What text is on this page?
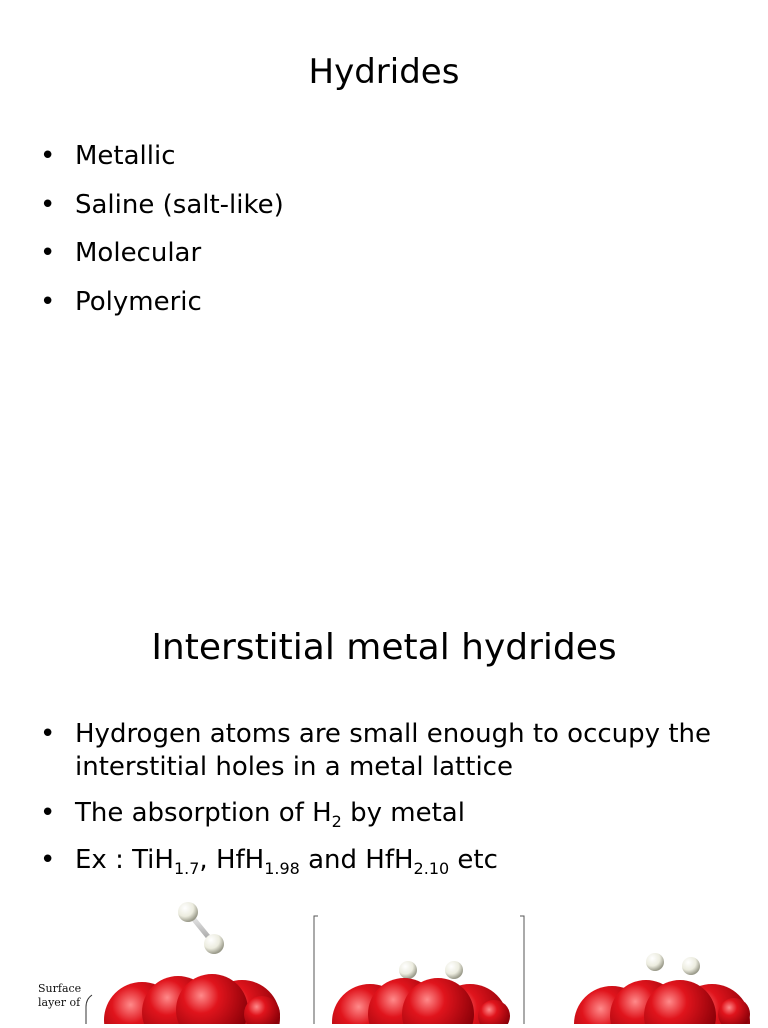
Hydrides
• Metallic
• Saline (salt-like)
• Molecular
• Polymeric
Interstitial metal hydrides
• Hydrogen atoms are small enough to occupy the interstitial holes in a metal lattice
• The absorption of $H_2$ by metal
• Ex : TiH$_{1.7}$, HfH$_{1.98}$ and HfH$_{2.10}$ etc
Surface
layer of
